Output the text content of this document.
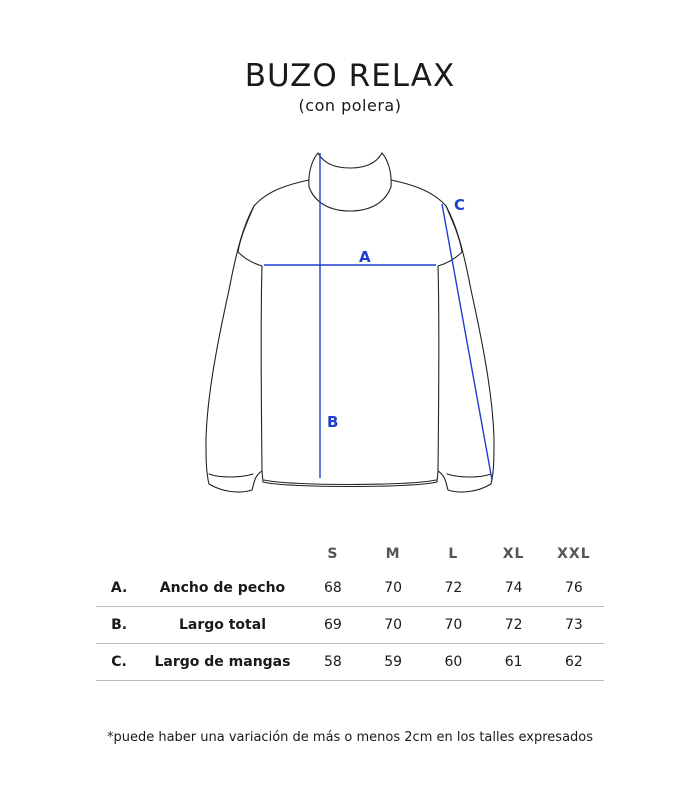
BUZO RELAX
(con polera)
A
B
C
		S	M	L	XL	XXL
A.	Ancho de pecho	68	70	72	74	76
B.	Largo total	69	70	70	72	73
C.	Largo de mangas	58	59	60	61	62
*puede haber una variación de más o menos 2cm en los talles expresados
